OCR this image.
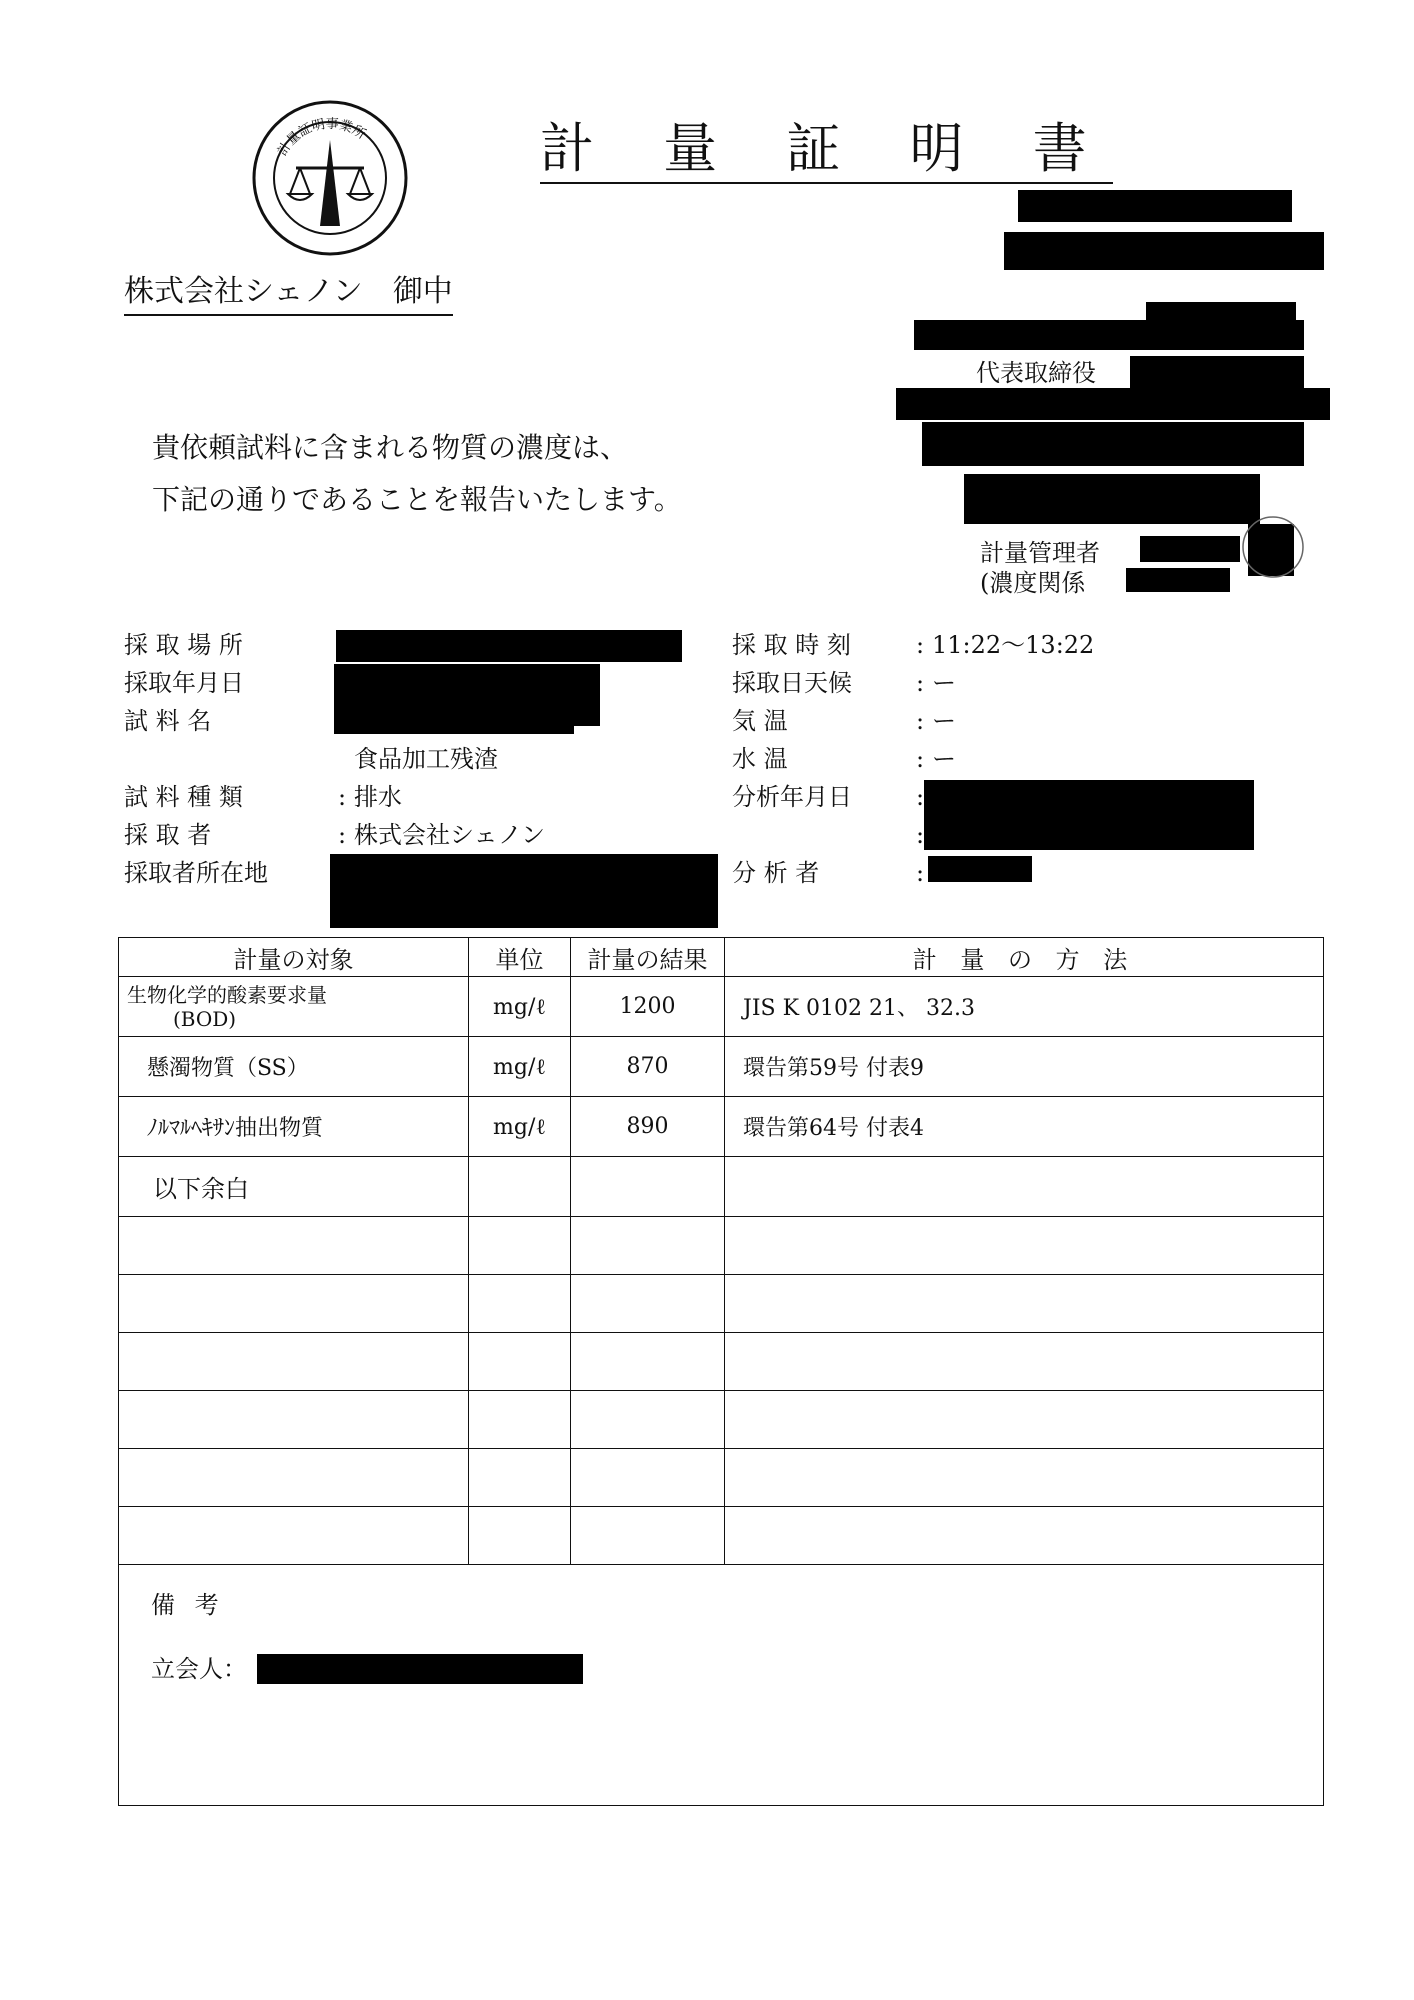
計量証明事業所	計 量 証 明 書
株式会社シェノン 御中
代表取締役
貴依頼試料に含まれる物質の濃度は、
下記の通りであることを報告いたします。
計量管理者
(濃度関係
採 取 場 所
採取年月日
試 料 名
食品加工残渣
試 料 種 類	: 排水
採 取 者	: 株式会社シェノン
採取者所在地
採 取 時 刻	: 11:22〜13:22
採取日天候	: ー
気 温	: ー
水 温	: ー
分析年月日	:
:
分 析 者	:
計量の対象	単位	計量の結果	計 量 の 方 法

生物化学的酸素要求量
(BOD)	mg/ℓ	1200	JIS K 0102 21、 32.3
懸濁物質（SS）	mg/ℓ	870	環告第59号 付表9
ﾉﾙﾏﾙﾍｷｻﾝ抽出物質	mg/ℓ	890	環告第64号 付表4
以下余白			

備 考
立会人：
